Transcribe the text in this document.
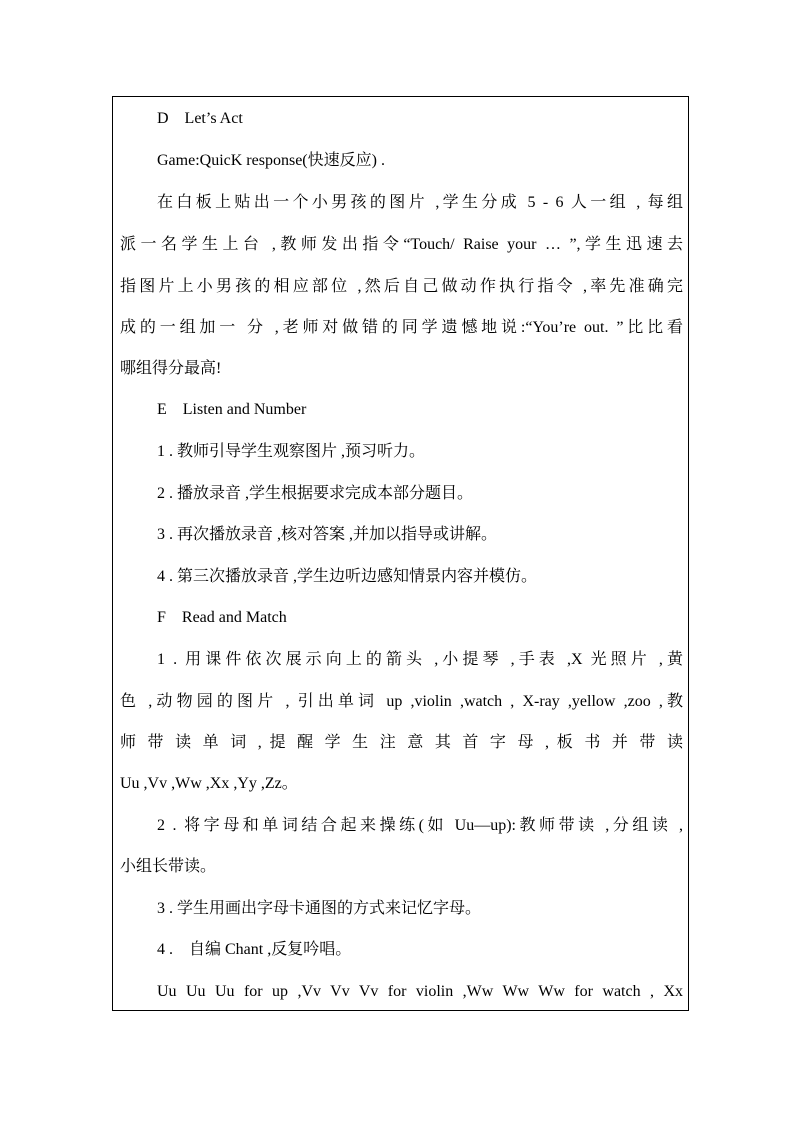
D　Let’s Act
Game:QuicK response(快速反应) .
在白板上贴出一个小男孩的图片 ,学生分成 5 - 6 人一组 , 每组
派一名学生上台 ,教师发出指令“Touch/ Raise your … ”,学生迅速去
指图片上小男孩的相应部位 ,然后自己做动作执行指令 ,率先准确完
成的一组加一 分 ,老师对做错的同学遗憾地说:“You’re out. ”比比看
哪组得分最高!
E　Listen and Number
1 . 教师引导学生观察图片 ,预习听力。
2 . 播放录音 ,学生根据要求完成本部分题目。
3 . 再次播放录音 ,核对答案 ,并加以指导或讲解。
4 . 第三次播放录音 ,学生边听边感知情景内容并模仿。
F　Read and Match
1 . 用课件依次展示向上的箭头 ,小提琴 ,手表 ,X 光照片 ,黄
色 ,动物园的图片 , 引出单词 up ,violin ,watch , X-ray ,yellow ,zoo ,教
师 带 读 单 词 , 提 醒 学 生 注 意 其 首 字 母 , 板 书 并 带 读
Uu ,Vv ,Ww ,Xx ,Yy ,Zz。
2 . 将字母和单词结合起来操练(如 Uu—up):教师带读 ,分组读 ,
小组长带读。
3 . 学生用画出字母卡通图的方式来记忆字母。
4 .　自编 Chant ,反复吟唱。
Uu Uu Uu for up ,Vv Vv Vv for violin ,Ww Ww Ww for watch , Xx
